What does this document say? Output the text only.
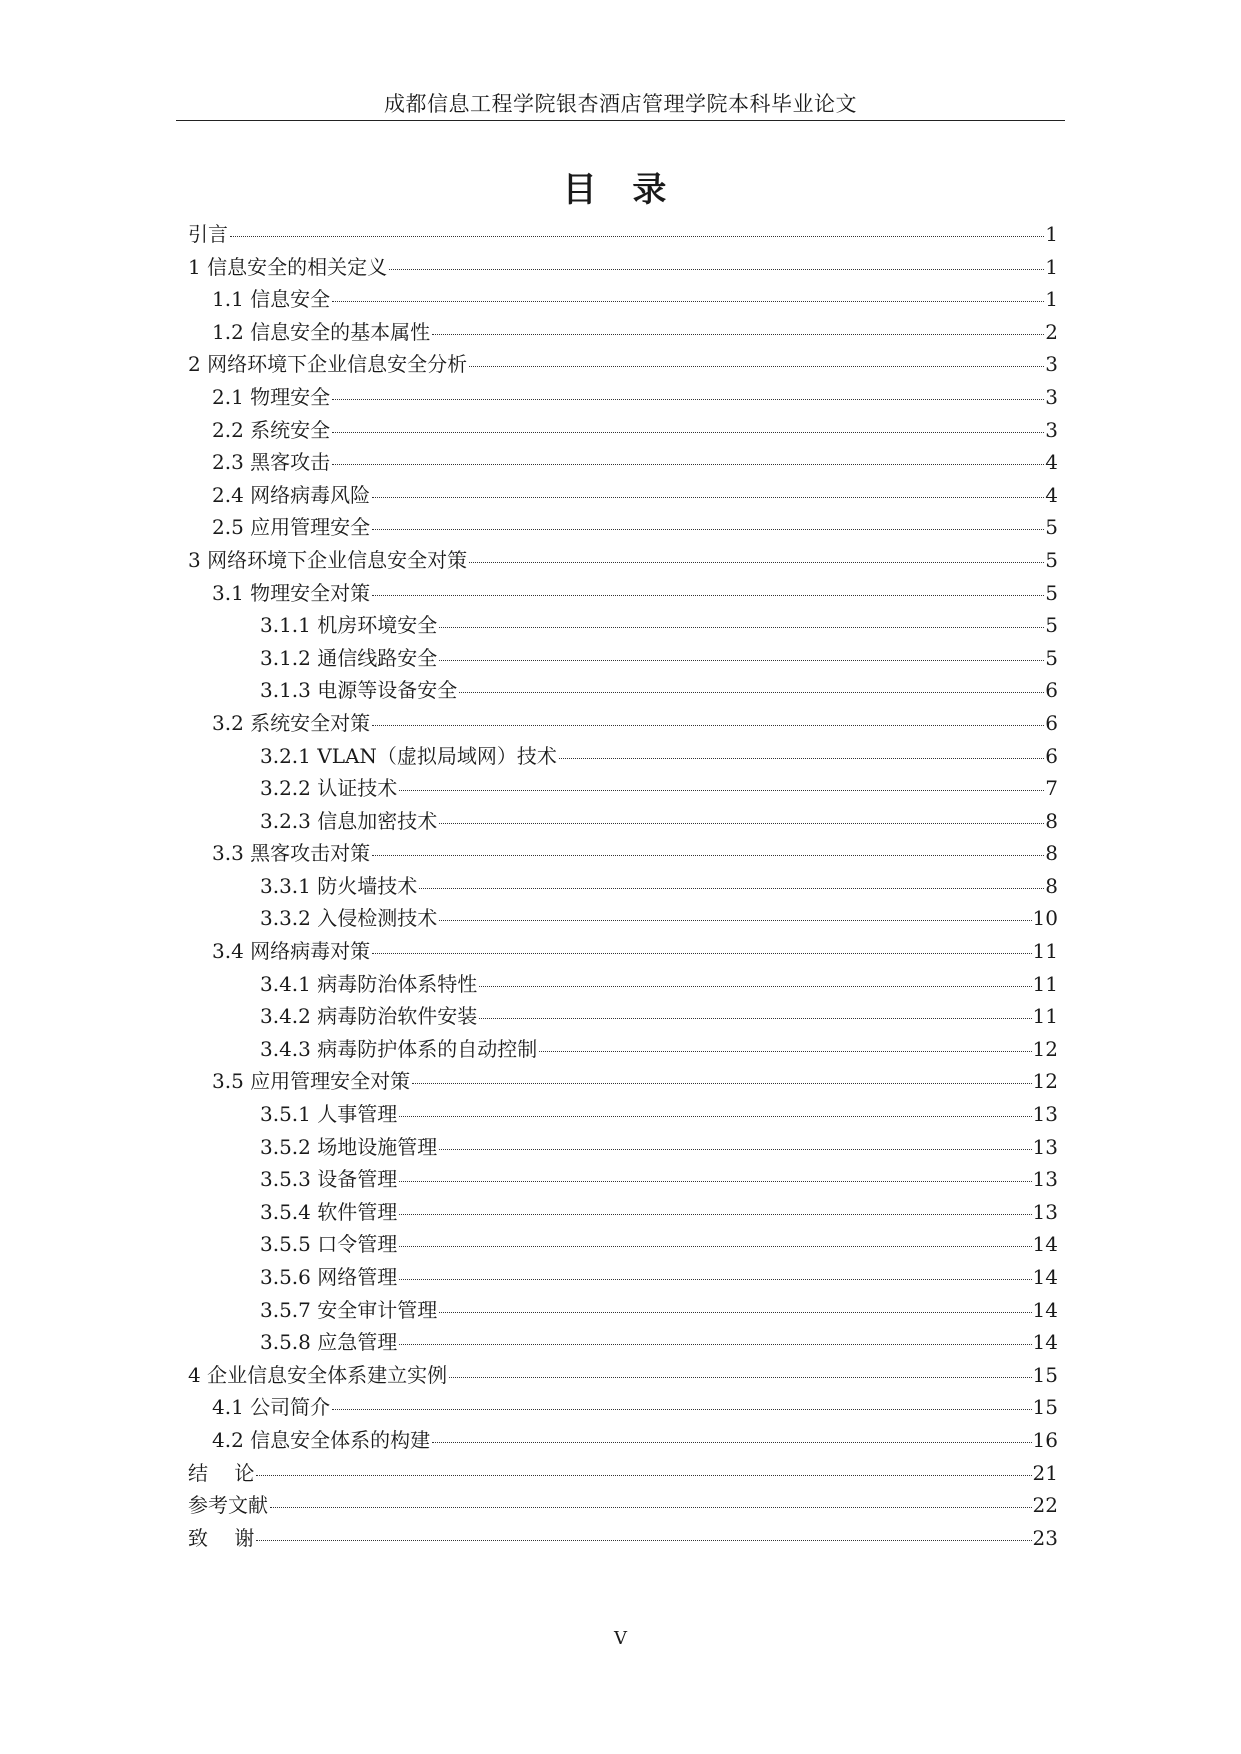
成都信息工程学院银杏酒店管理学院本科毕业论文
目 录
引言	1
1 信息安全的相关定义	1
1.1 信息安全	1
1.2 信息安全的基本属性	2
2 网络环境下企业信息安全分析	3
2.1 物理安全	3
2.2 系统安全	3
2.3 黑客攻击	4
2.4 网络病毒风险	4
2.5 应用管理安全	5
3 网络环境下企业信息安全对策	5
3.1 物理安全对策	5
3.1.1 机房环境安全	5
3.1.2 通信线路安全	5
3.1.3 电源等设备安全	6
3.2 系统安全对策	6
3.2.1 VLAN（虚拟局域网）技术	6
3.2.2 认证技术	7
3.2.3 信息加密技术	8
3.3 黑客攻击对策	8
3.3.1 防火墙技术	8
3.3.2 入侵检测技术	10
3.4 网络病毒对策	11
3.4.1 病毒防治体系特性	11
3.4.2 病毒防治软件安装	11
3.4.3 病毒防护体系的自动控制	12
3.5 应用管理安全对策	12
3.5.1 人事管理	13
3.5.2 场地设施管理	13
3.5.3 设备管理	13
3.5.4 软件管理	13
3.5.5 口令管理	14
3.5.6 网络管理	14
3.5.7 安全审计管理	14
3.5.8 应急管理	14
4 企业信息安全体系建立实例	15
4.1 公司简介	15
4.2 信息安全体系的构建	16
结　 论	21
参考文献	22
致　 谢	23
V
